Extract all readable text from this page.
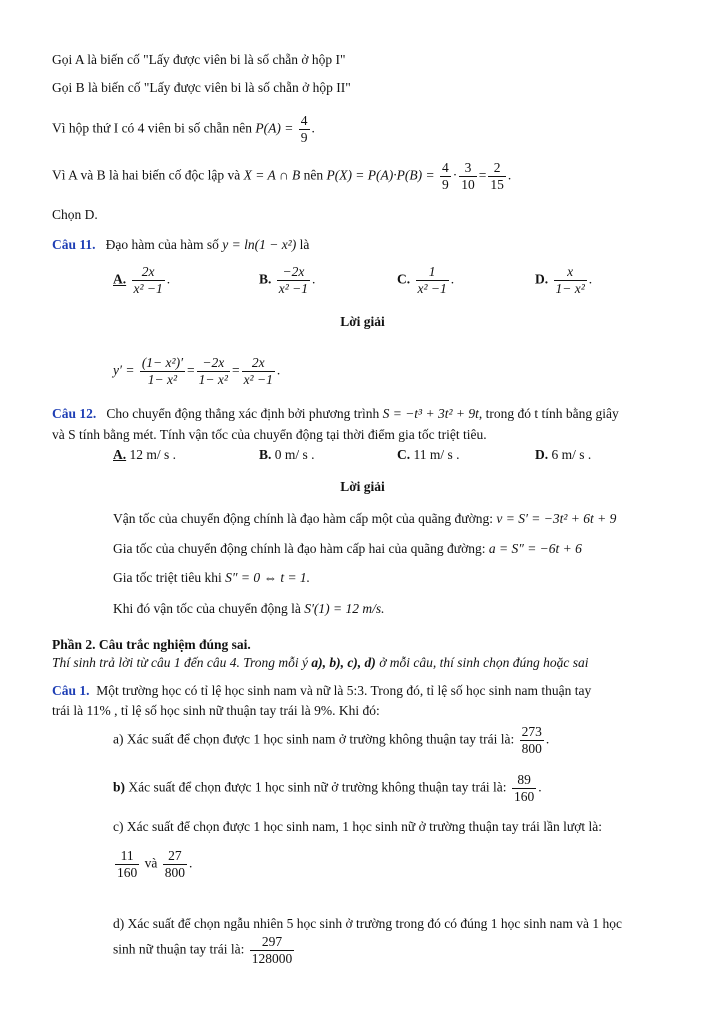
Gọi A là biến cố "Lấy được viên bi là số chẵn ở hộp I"
Gọi B là biến cố "Lấy được viên bi là số chẵn ở hộp II"
Vì hộp thứ I có 4 viên bi số chẵn nên $P(A) = \frac{4}{9}$ .
Vì A và B là hai biến cố độc lập và X = A ∩ B nên $P(X) = P(A)\cdot P(B) = \frac{4}{9} \cdot \frac{3}{10} = \frac{2}{15}$ .
Chọn D.
Câu 11. Đạo hàm của hàm số y = ln(1 − x²) là
A. $\frac{2x}{\text{x² −1}}$ .	B. $\frac{-2x}{\text{x² −1}}$ .	C. $\frac{1}{\text{x² −1}}$ .	D. $\frac{x}{\text{1− x²}}$ .
Lời giải
$y' = \frac{\text{(1− x²)′}}{\text{1− x²}} = \frac{-2x}{\text{1− x²}} = \frac{2x}{\text{x² −1}}$ .
Câu 12. Cho chuyển động thẳng xác định bởi phương trình S = −t³ + 3t² + 9t, trong đó t tính bằng giây
và S tính bằng mét. Tính vận tốc của chuyển động tại thời điểm gia tốc triệt tiêu.
A. 12 m/ s .	B. 0 m/ s .	C. 11 m/ s .	D. 6 m/ s .
Lời giải
Vận tốc của chuyển động chính là đạo hàm cấp một của quãng đường: v = S′ = −3t² + 6t + 9
Gia tốc của chuyển động chính là đạo hàm cấp hai của quãng đường: a = S″ = −6t + 6
Gia tốc triệt tiêu khi S″ = 0 ⇔ t = 1.
Khi đó vận tốc của chuyển động là S′(1) = 12 m/s.
Phần 2. Câu trắc nghiệm đúng sai.
Thí sinh trả lời từ câu 1 đến câu 4. Trong mỗi ý a), b), c), d) ở mỗi câu, thí sinh chọn đúng hoặc sai
Câu 1. Một trường học có tỉ lệ học sinh nam và nữ là 5:3. Trong đó, tỉ lệ số học sinh nam thuận tay
trái là 11% , tỉ lệ số học sinh nữ thuận tay trái là 9%. Khi đó:
a) Xác suất để chọn được 1 học sinh nam ở trường không thuận tay trái là: $\frac{273}{800}$ .
b) Xác suất để chọn được 1 học sinh nữ ở trường không thuận tay trái là: $\frac{89}{160}$ .
c) Xác suất để chọn được 1 học sinh nam, 1 học sinh nữ ở trường thuận tay trái lần lượt là:
$\frac{11}{160}$ và $\frac{27}{800}$ .
d) Xác suất để chọn ngẫu nhiên 5 học sinh ở trường trong đó có đúng 1 học sinh nam và 1 học
sinh nữ thuận tay trái là: $\frac{297}{128000}$
